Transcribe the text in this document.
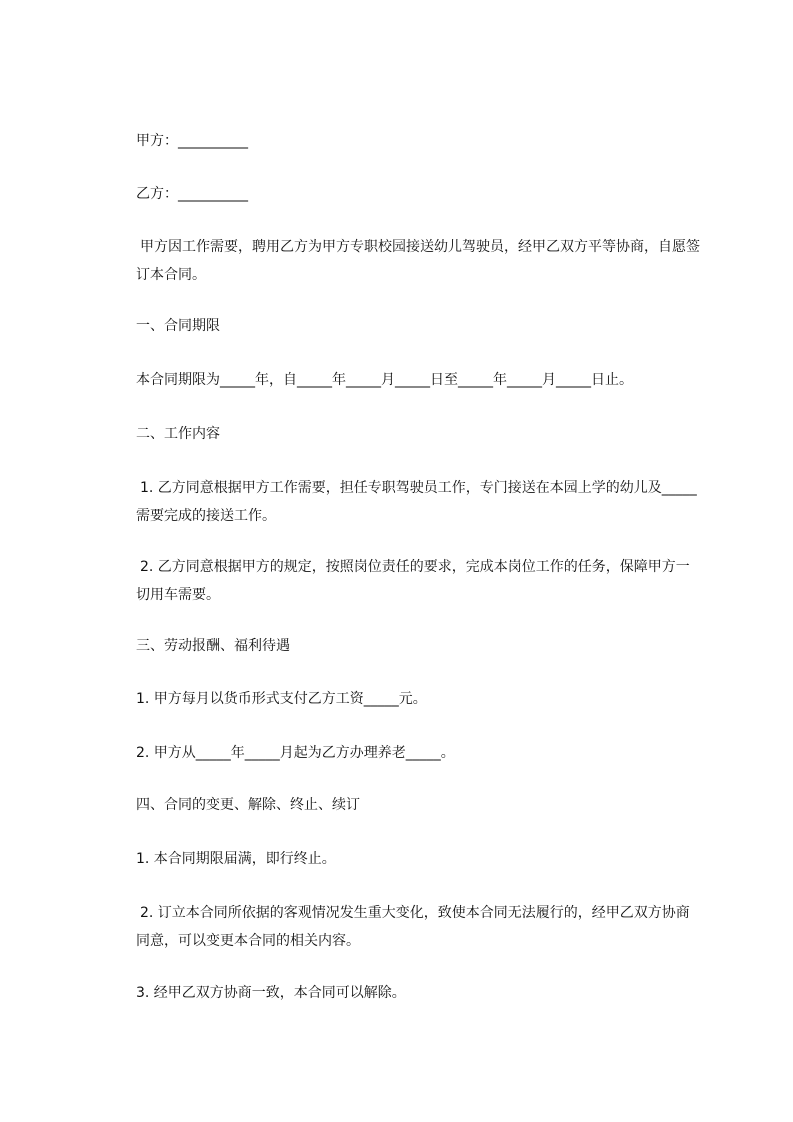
甲方：__________

乙方：__________

甲方因工作需要，聘用乙方为甲方专职校园接送幼儿驾驶员，经甲乙双方平等协商，自愿签订本合同。

一、合同期限

本合同期限为_____年，自_____年_____月_____日至_____年_____月_____日止。

二、工作内容

1. 乙方同意根据甲方工作需要，担任专职驾驶员工作，专门接送在本园上学的幼儿及_____需要完成的接送工作。

2. 乙方同意根据甲方的规定，按照岗位责任的要求，完成本岗位工作的任务，保障甲方一切用车需要。

三、劳动报酬、福利待遇

1. 甲方每月以货币形式支付乙方工资_____元。

2. 甲方从_____年_____月起为乙方办理养老_____。

四、合同的变更、解除、终止、续订

1. 本合同期限届满，即行终止。

2. 订立本合同所依据的客观情况发生重大变化，致使本合同无法履行的，经甲乙双方协商同意，可以变更本合同的相关内容。

3. 经甲乙双方协商一致，本合同可以解除。
